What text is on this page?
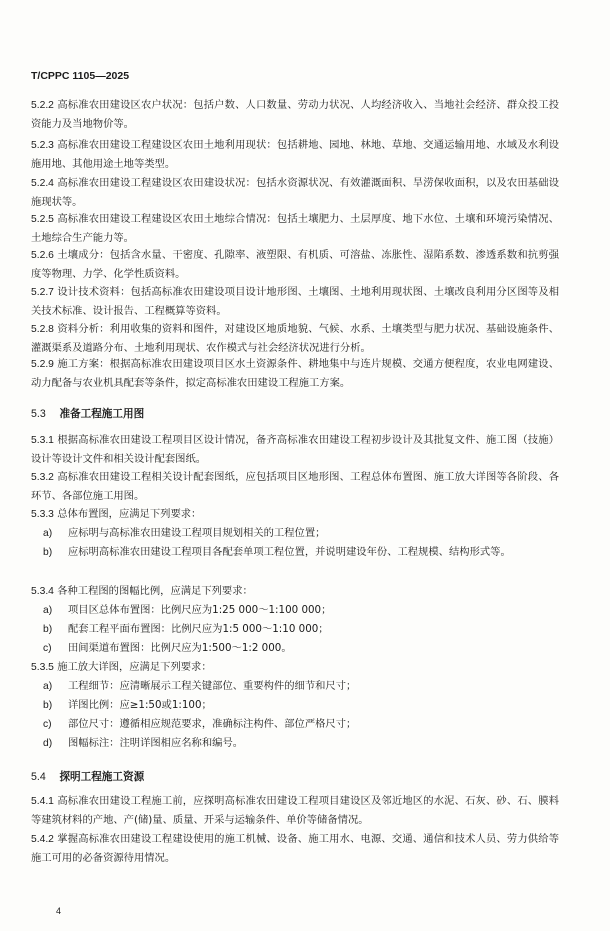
T/CPPC 1105—2025
5.2.2 高标准农田建设区农户状况：包括户数、人口数量、劳动力状况、人均经济收入、当地社会经济、群众投工投资能力及当地物价等。
5.2.3 高标准农田建设工程建设区农田土地利用现状：包括耕地、园地、林地、草地、交通运输用地、水域及水利设施用地、其他用途土地等类型。
5.2.4 高标准农田建设工程建设区农田建设状况：包括水资源状况、有效灌溉面积、旱涝保收面积，以及农田基础设施现状等。
5.2.5 高标准农田建设工程建设区农田土地综合情况：包括土壤肥力、土层厚度、地下水位、土壤和环境污染情况、土地综合生产能力等。
5.2.6 土壤成分：包括含水量、干密度、孔隙率、液塑限、有机质、可溶盐、冻胀性、湿陷系数、渗透系数和抗剪强度等物理、力学、化学性质资料。
5.2.7 设计技术资料：包括高标准农田建设项目设计地形图、土壤图、土地利用现状图、土壤改良利用分区图等及相关技术标准、设计报告、工程概算等资料。
5.2.8 资料分析：利用收集的资料和图件，对建设区地质地貌、气候、水系、土壤类型与肥力状况、基础设施条件、灌溉渠系及道路分布、土地利用现状、农作模式与社会经济状况进行分析。
5.2.9 施工方案：根据高标准农田建设项目区水土资源条件、耕地集中与连片规模、交通方便程度，农业电网建设、动力配备与农业机具配套等条件，拟定高标准农田建设工程施工方案。
5.3 准备工程施工用图
5.3.1 根据高标准农田建设工程项目区设计情况，备齐高标准农田建设工程初步设计及其批复文件、施工图（技施）设计等设计文件和相关设计配套图纸。
5.3.2 高标准农田建设工程相关设计配套图纸，应包括项目区地形图、工程总体布置图、施工放大详图等各阶段、各环节、各部位施工用图。
5.3.3 总体布置图，应满足下列要求：
a) 应标明与高标准农田建设工程项目规划相关的工程位置；
b) 应标明高标准农田建设工程项目各配套单项工程位置，并说明建设年份、工程规模、结构形式等。
5.3.4 各种工程图的图幅比例，应满足下列要求：
a) 项目区总体布置图：比例尺应为1:25 000～1:100 000；
b) 配套工程平面布置图：比例尺应为1:5 000～1:10 000；
c) 田间渠道布置图：比例尺应为1:500～1:2 000。
5.3.5 施工放大详图，应满足下列要求：
a) 工程细节：应清晰展示工程关键部位、重要构件的细节和尺寸；
b) 详图比例：应≥1:50或1:100；
c) 部位尺寸：遵循相应规范要求，准确标注构件、部位严格尺寸；
d) 图幅标注：注明详图相应名称和编号。
5.4 探明工程施工资源
5.4.1 高标准农田建设工程施工前，应探明高标准农田建设工程项目建设区及邻近地区的水泥、石灰、砂、石、膜料等建筑材料的产地、产(储)量、质量、开采与运输条件、单价等储备情况。
5.4.2 掌握高标准农田建设工程建设使用的施工机械、设备、施工用水、电源、交通、通信和技术人员、劳力供给等施工可用的必备资源待用情况。
4
